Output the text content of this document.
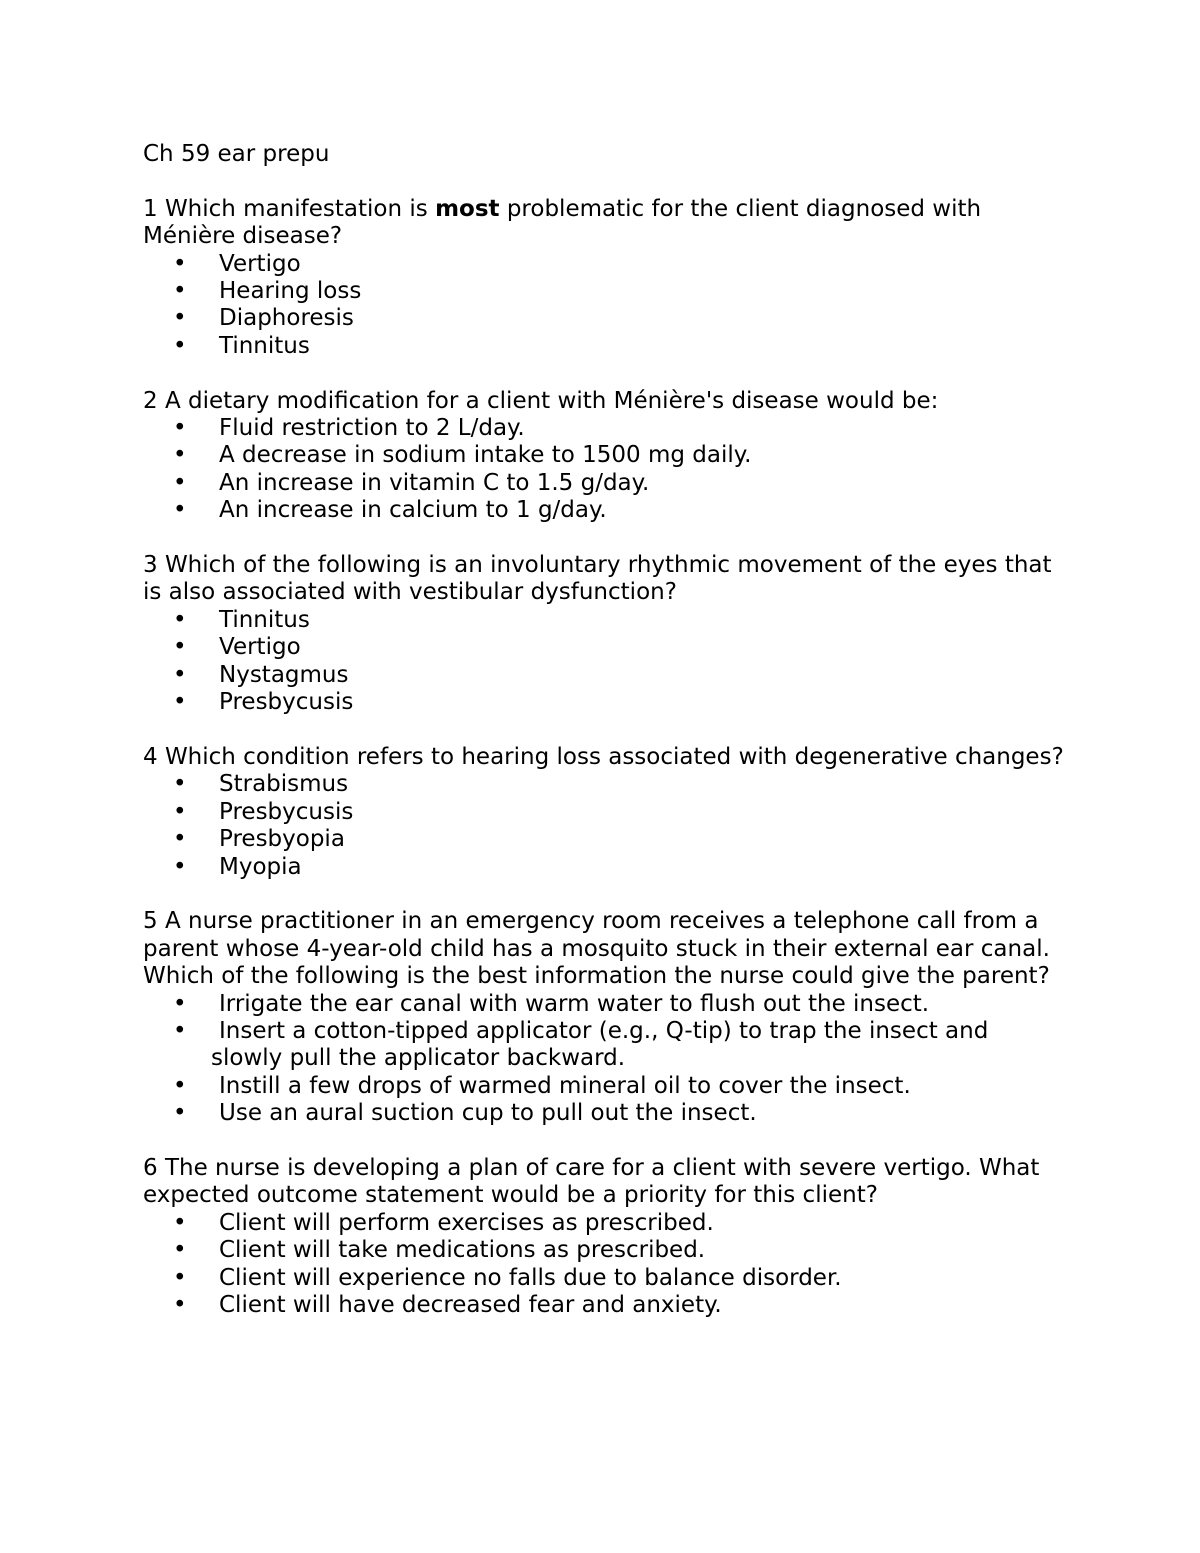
Ch 59 ear prepu

1 Which manifestation is most problematic for the client diagnosed with Ménière disease?

• Vertigo
• Hearing loss
• Diaphoresis
• Tinnitus

2 A dietary modification for a client with Ménière's disease would be:

• Fluid restriction to 2 L/day.
• A decrease in sodium intake to 1500 mg daily.
• An increase in vitamin C to 1.5 g/day.
• An increase in calcium to 1 g/day.

3 Which of the following is an involuntary rhythmic movement of the eyes that is also associated with vestibular dysfunction?

• Tinnitus
• Vertigo
• Nystagmus
• Presbycusis

4 Which condition refers to hearing loss associated with degenerative changes?

• Strabismus
• Presbycusis
• Presbyopia
• Myopia

5 A nurse practitioner in an emergency room receives a telephone call from a parent whose 4-year-old child has a mosquito stuck in their external ear canal. Which of the following is the best information the nurse could give the parent?

• Irrigate the ear canal with warm water to flush out the insect.
• Insert a cotton-tipped applicator (e.g., Q-tip) to trap the insect and
slowly pull the applicator backward.
• Instill a few drops of warmed mineral oil to cover the insect.
• Use an aural suction cup to pull out the insect.

6 The nurse is developing a plan of care for a client with severe vertigo. What expected outcome statement would be a priority for this client?

• Client will perform exercises as prescribed.
• Client will take medications as prescribed.
• Client will experience no falls due to balance disorder.
• Client will have decreased fear and anxiety.
